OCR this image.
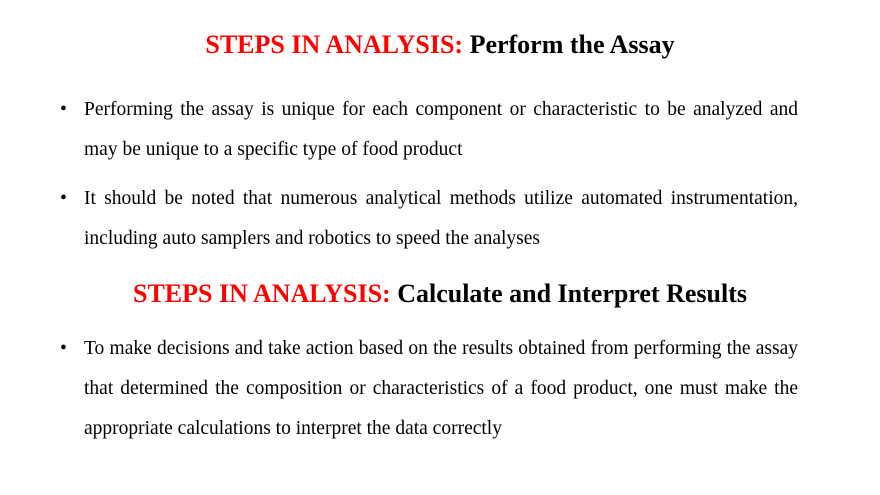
STEPS IN ANALYSIS: Perform the Assay
• Performing the assay is unique for each component or characteristic to be analyzed and may be unique to a specific type of food product
• It should be noted that numerous analytical methods utilize automated instrumentation, including auto samplers and robotics to speed the analyses
STEPS IN ANALYSIS: Calculate and Interpret Results
• To make decisions and take action based on the results obtained from performing the assay that determined the composition or characteristics of a food product, one must make the appropriate calculations to interpret the data correctly
